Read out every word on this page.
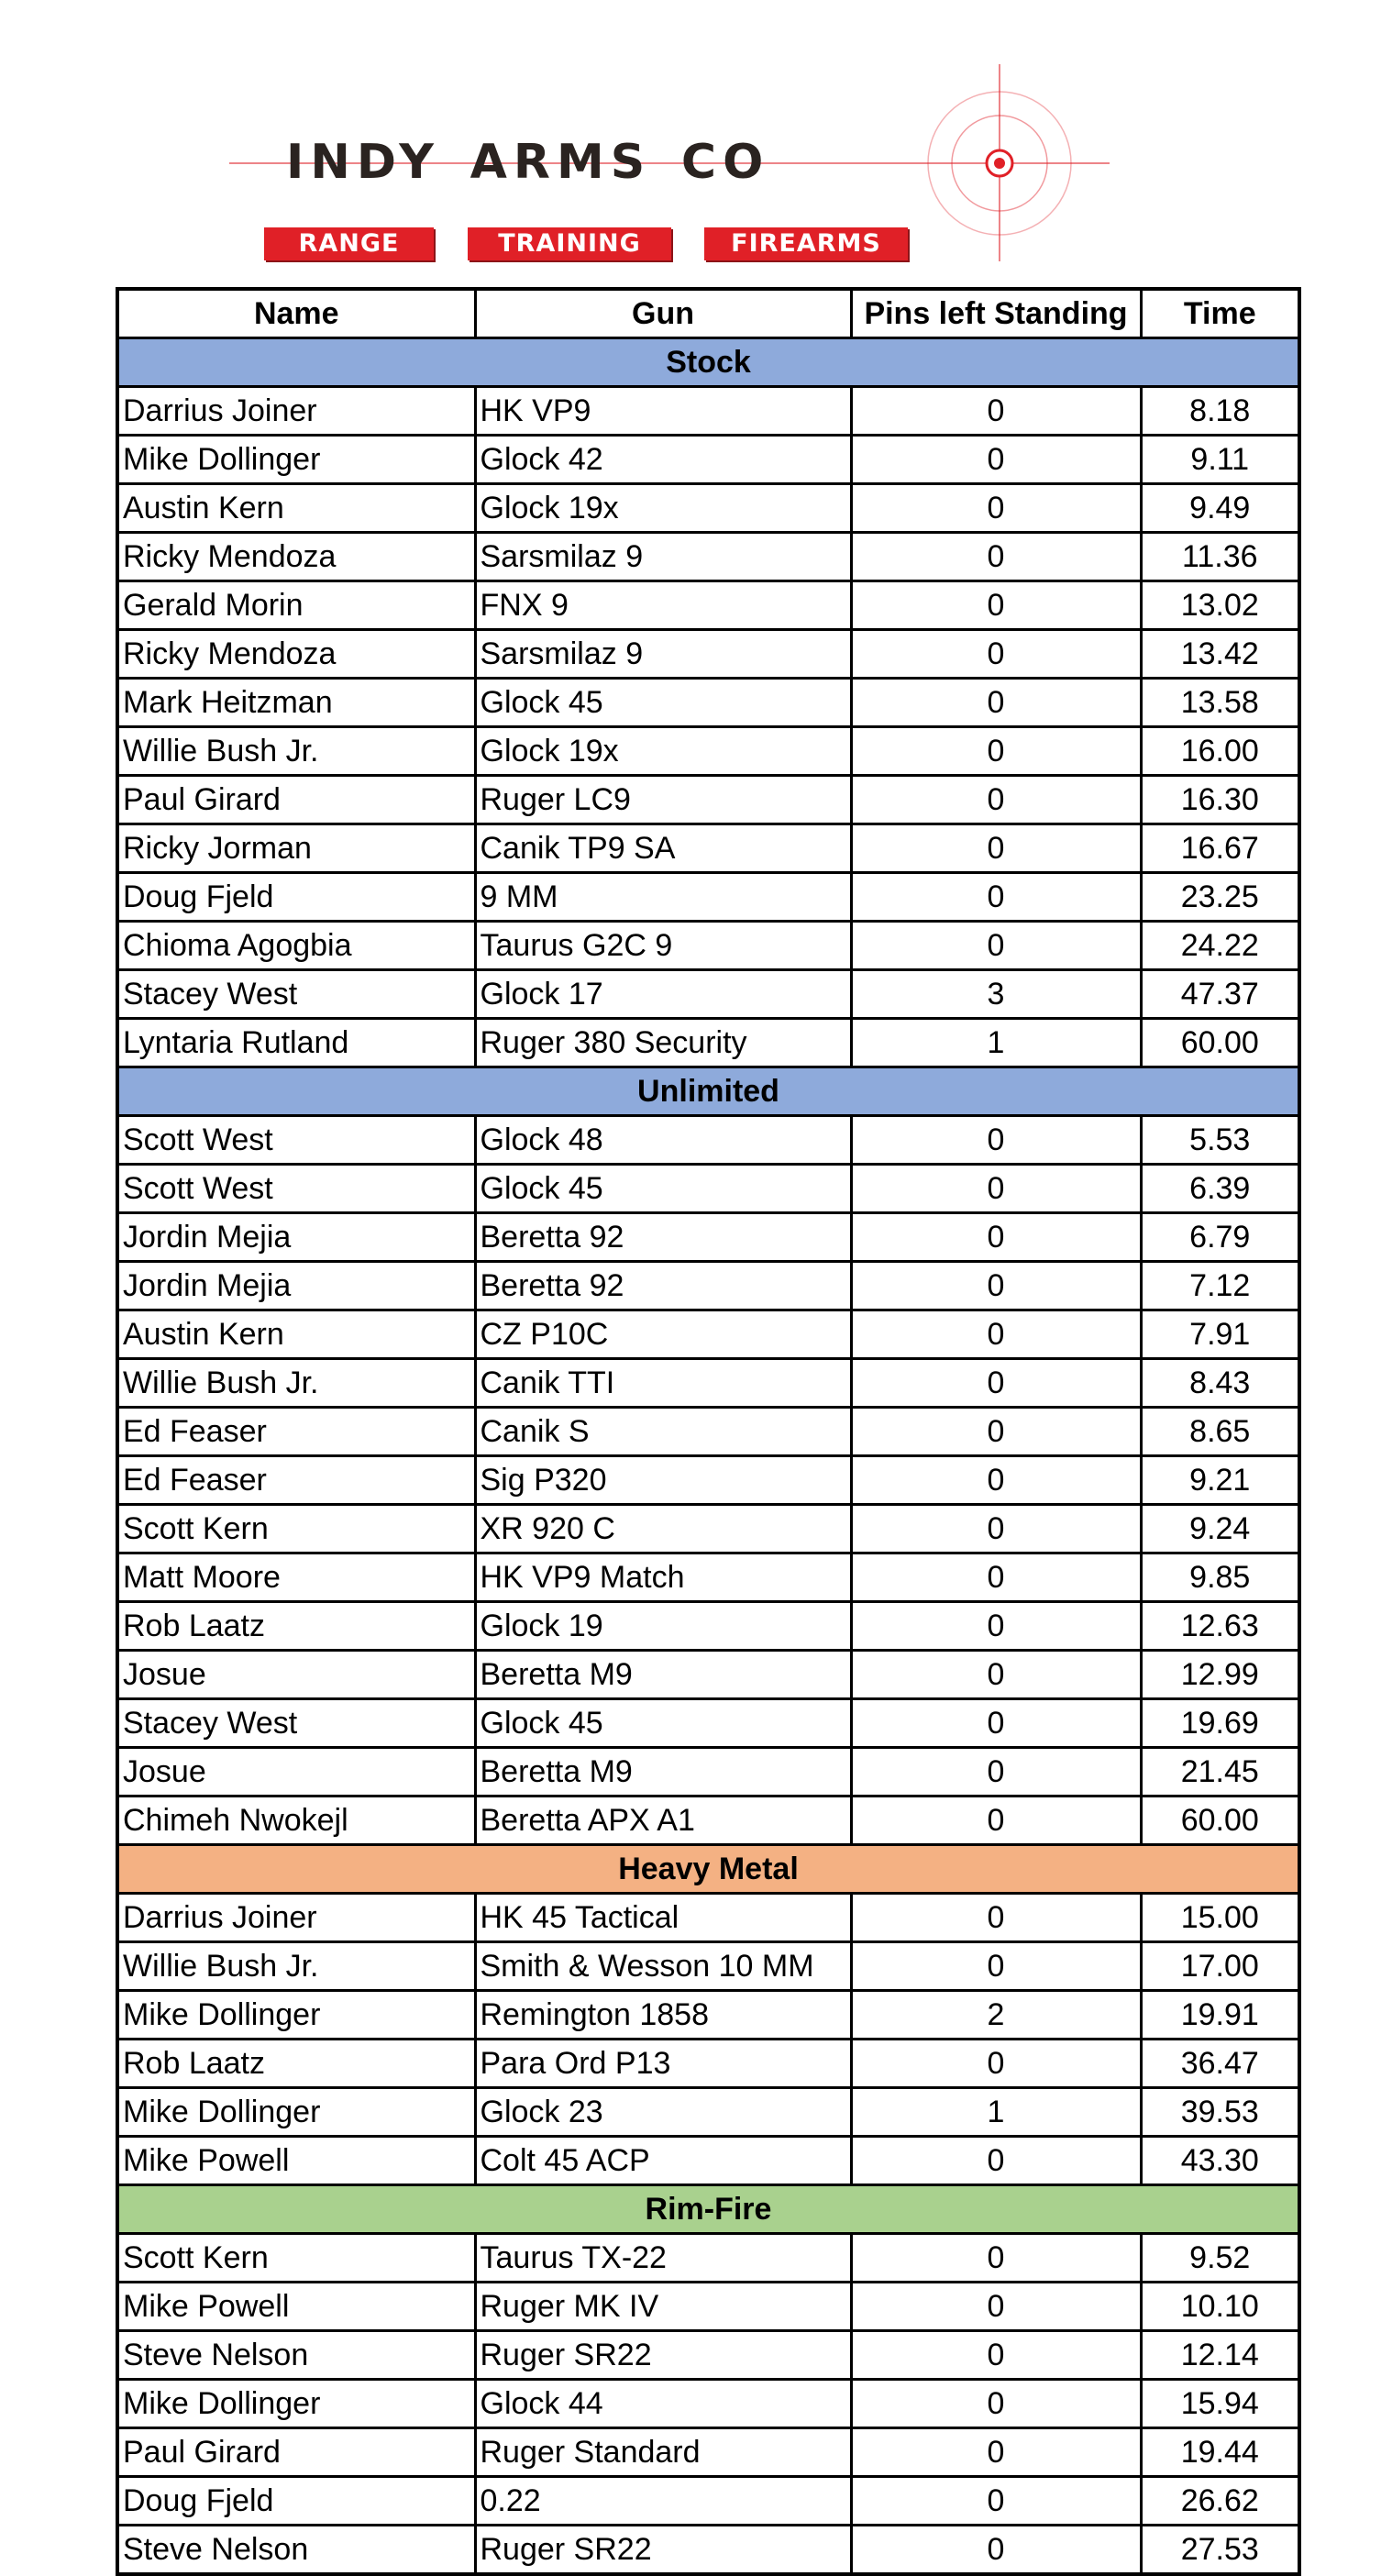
indy arms co
RANGE	TRAINING	FIREARMS
Name	Gun	Pins left Standing	Time
Stock			
Darrius Joiner	HK VP9	0	8.18
Mike Dollinger	Glock 42	0	9.11
Austin Kern	Glock 19x	0	9.49
Ricky Mendoza	Sarsmilaz 9	0	11.36
Gerald Morin	FNX 9	0	13.02
Ricky Mendoza	Sarsmilaz 9	0	13.42
Mark Heitzman	Glock 45	0	13.58
Willie Bush Jr.	Glock 19x	0	16.00
Paul Girard	Ruger LC9	0	16.30
Ricky Jorman	Canik TP9 SA	0	16.67
Doug Fjeld	9 MM	0	23.25
Chioma Agogbia	Taurus G2C 9	0	24.22
Stacey West	Glock 17	3	47.37
Lyntaria Rutland	Ruger 380 Security	1	60.00
Unlimited			
Scott West	Glock 48	0	5.53
Scott West	Glock 45	0	6.39
Jordin Mejia	Beretta 92	0	6.79
Jordin Mejia	Beretta 92	0	7.12
Austin Kern	CZ P10C	0	7.91
Willie Bush Jr.	Canik TTI	0	8.43
Ed Feaser	Canik S	0	8.65
Ed Feaser	Sig P320	0	9.21
Scott Kern	XR 920 C	0	9.24
Matt Moore	HK VP9 Match	0	9.85
Rob Laatz	Glock 19	0	12.63
Josue	Beretta M9	0	12.99
Stacey West	Glock 45	0	19.69
Josue	Beretta M9	0	21.45
Chimeh Nwokejl	Beretta APX A1	0	60.00
Heavy Metal			
Darrius Joiner	HK 45 Tactical	0	15.00
Willie Bush Jr.	Smith & Wesson 10 MM	0	17.00
Mike Dollinger	Remington 1858	2	19.91
Rob Laatz	Para Ord P13	0	36.47
Mike Dollinger	Glock 23	1	39.53
Mike Powell	Colt 45 ACP	0	43.30
Rim-Fire			
Scott Kern	Taurus TX-22	0	9.52
Mike Powell	Ruger MK IV	0	10.10
Steve Nelson	Ruger SR22	0	12.14
Mike Dollinger	Glock 44	0	15.94
Paul Girard	Ruger Standard	0	19.44
Doug Fjeld	0.22	0	26.62
Steve Nelson	Ruger SR22	0	27.53
